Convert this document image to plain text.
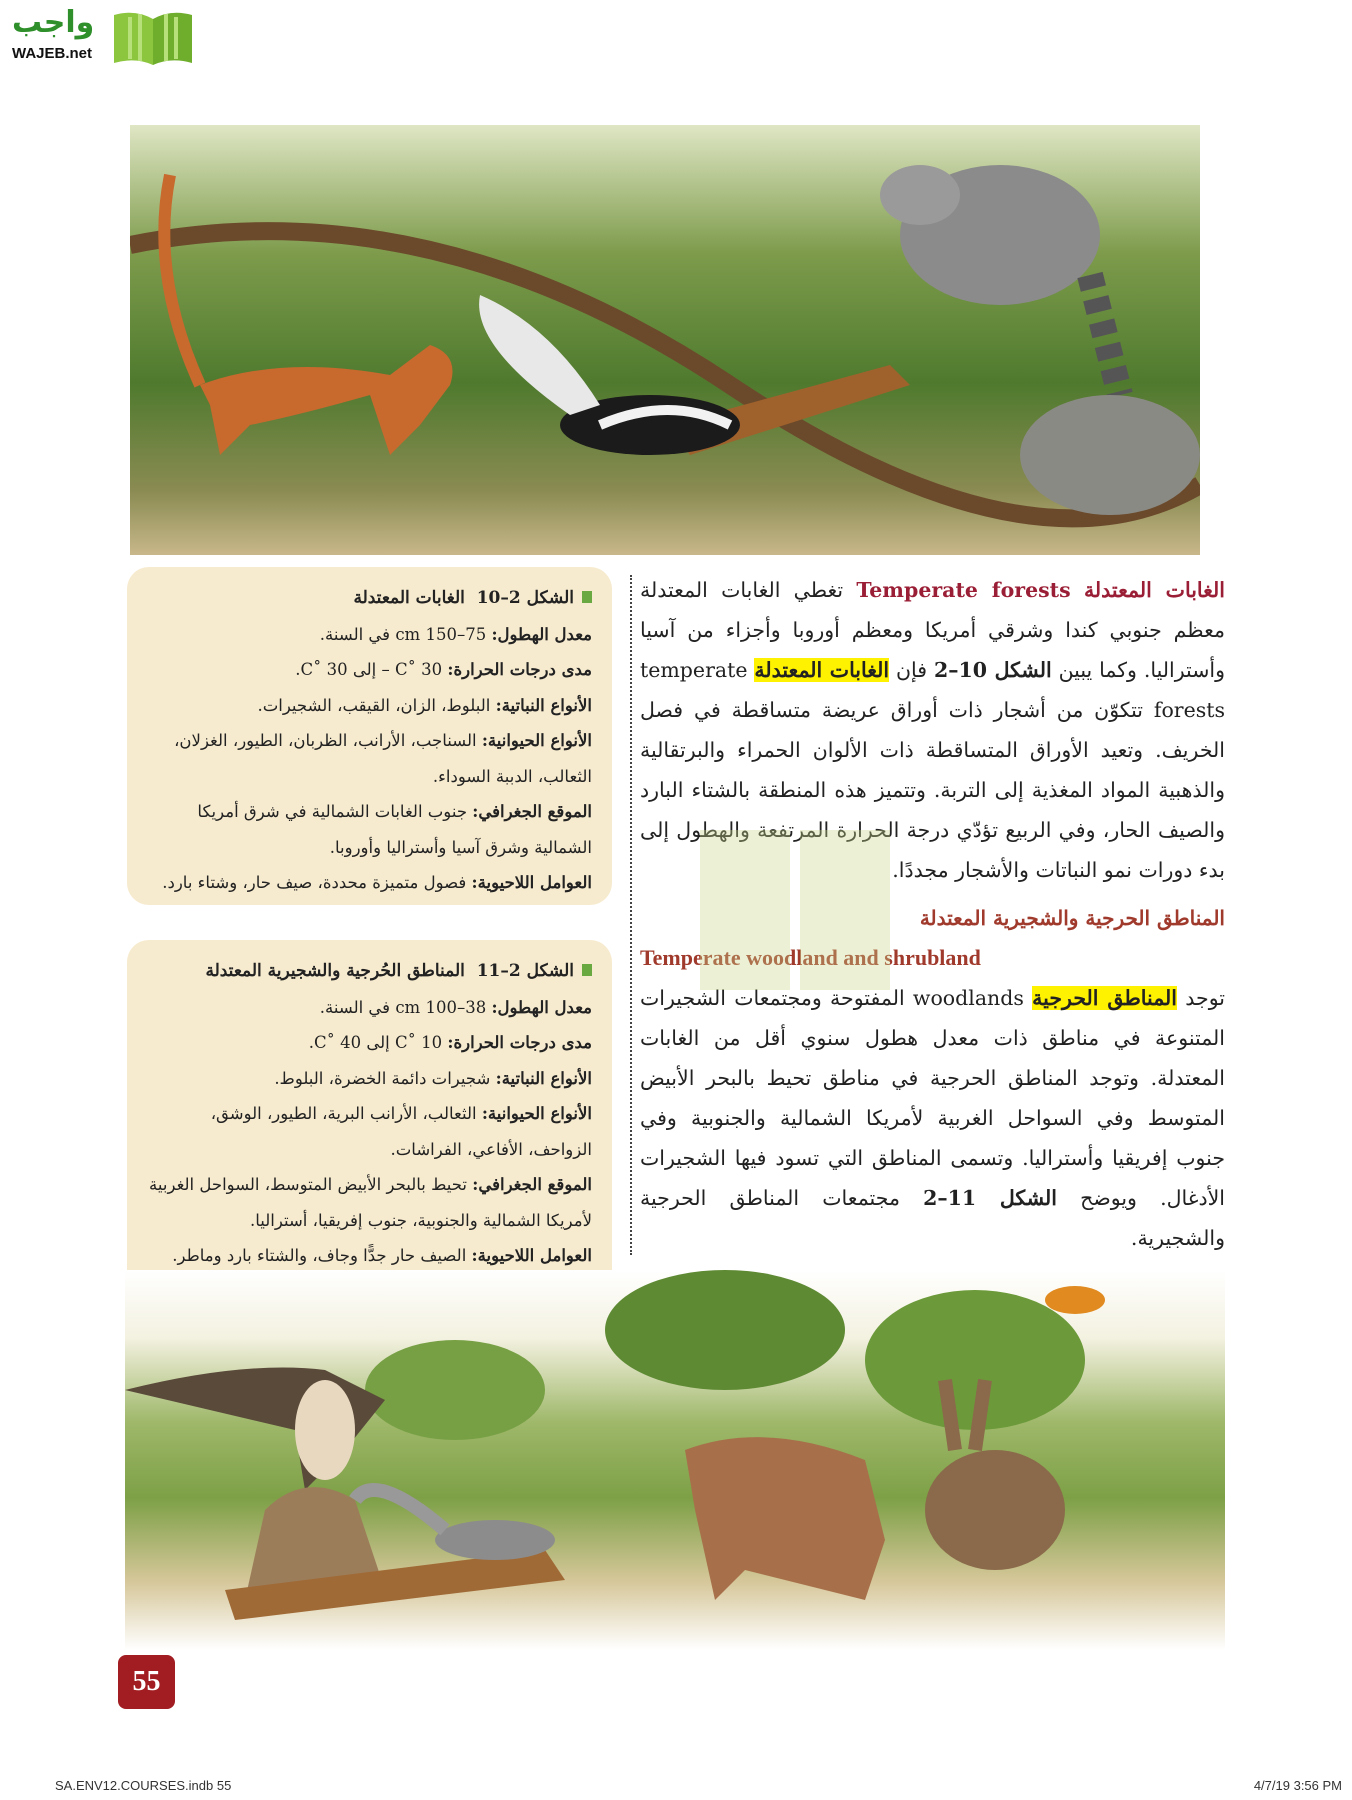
واجب
WAJEB.net
الشكل 2–10  الغابات المعتدلة
معدل الهطول: 75–150 cm في السنة.
مدى درجات الحرارة: C˚ 30 – إلى C˚ 30.
الأنواع النباتية: البلوط، الزان، القيقب، الشجيرات.
الأنواع الحيوانية: السناجب، الأرانب، الظربان، الطيور، الغزلان، الثعالب، الدببة السوداء.
الموقع الجغرافي: جنوب الغابات الشمالية في شرق أمريكا الشمالية وشرق آسيا وأستراليا وأوروبا.
العوامل اللاحيوية: فصول متميزة محددة، صيف حار، وشتاء بارد.
الشكل 2–11  المناطق الحُرجية والشجيرية المعتدلة
معدل الهطول: 38–100 cm في السنة.
مدى درجات الحرارة: C˚ 10 إلى C˚ 40.
الأنواع النباتية: شجيرات دائمة الخضرة، البلوط.
الأنواع الحيوانية: الثعالب، الأرانب البرية، الطيور، الوشق، الزواحف، الأفاعي، الفراشات.
الموقع الجغرافي: تحيط بالبحر الأبيض المتوسط، السواحل الغربية لأمريكا الشمالية والجنوبية، جنوب إفريقيا، أستراليا.
العوامل اللاحيوية: الصيف حار جدًّا وجاف، والشتاء بارد وماطر.

الغابات المعتدلة Temperate forests تغطي الغابات المعتدلة معظم جنوبي كندا وشرقي أمريكا ومعظم أوروبا وأجزاء من آسيا وأستراليا. وكما يبين الشكل 10–2 فإن الغابات المعتدلة temperate forests تتكوّن من أشجار ذات أوراق عريضة متساقطة في فصل الخريف. وتعيد الأوراق المتساقطة ذات الألوان الحمراء والبرتقالية والذهبية المواد المغذية إلى التربة. وتتميز هذه المنطقة بالشتاء البارد والصيف الحار، وفي الربيع تؤدّي درجة الحرارة المرتفعة والهطول إلى بدء دورات نمو النباتات والأشجار مجددًا.

المناطق الحرجية والشجيرية المعتدلة
Temperate woodland and shrubland

توجد المناطق الحرجية woodlands المفتوحة ومجتمعات الشجيرات المتنوعة في مناطق ذات معدل هطول سنوي أقل من الغابات المعتدلة. وتوجد المناطق الحرجية في مناطق تحيط بالبحر الأبيض المتوسط وفي السواحل الغربية لأمريكا الشمالية والجنوبية وفي جنوب إفريقيا وأستراليا. وتسمى المناطق التي تسود فيها الشجيرات الأدغال. ويوضح الشكل 11–2 مجتمعات المناطق الحرجية والشجيرية.

55
SA.ENV12.COURSES.indb 55	4/7/19 3:56 PM
